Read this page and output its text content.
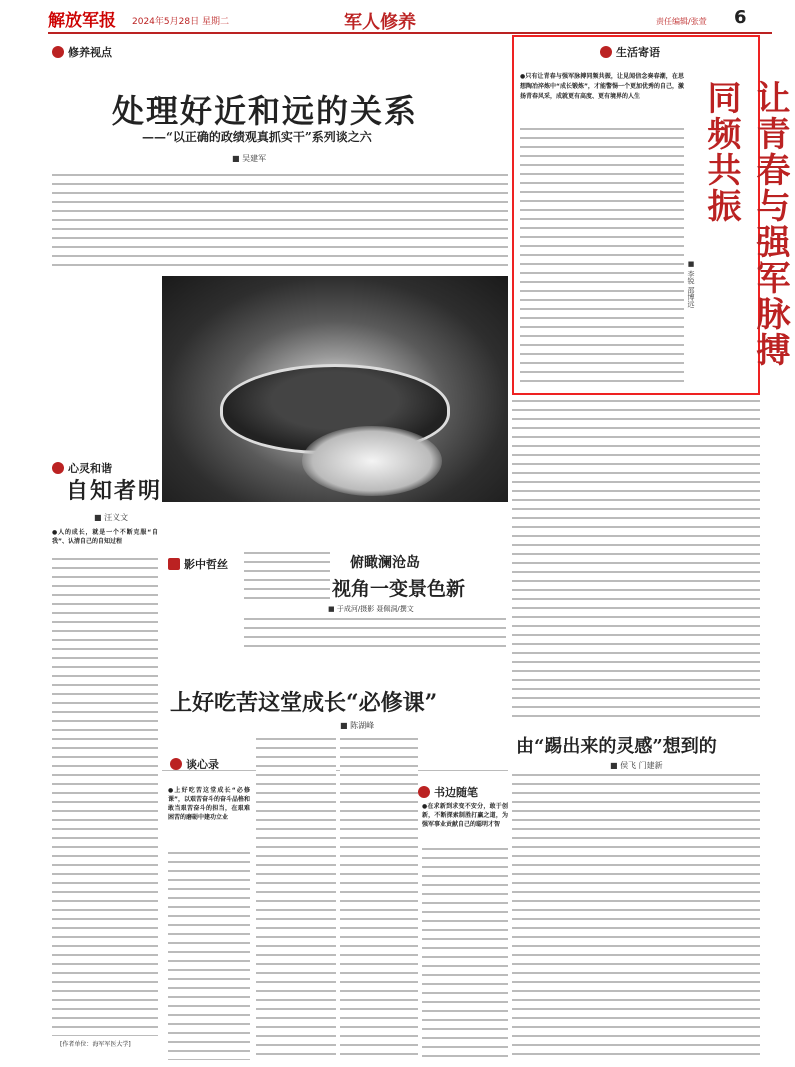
解放军报 2024年5月28日 星期二	军人修养	责任编辑/张萱 6
修养视点
处理好近和远的关系
——“以正确的政绩观真抓实干”系列谈之六
■ 吴建军
心灵和谐
自知者明
■ 汪义文
●人的成长，就是一个不断克服“自我”、认清自己的自知过程
[作者单位：海军军医大学]
生活寄语
●只有让青春与强军脉搏同频共振，让見闻信念奏春潮，在思想陶冶淬炼中“成长锻炼”，才能警惕一个更加优秀的自己，激扬青春风采，成就更有高度、更有境界的人生	让青春与强军脉搏同频共振
■ 李锐 邵博远
影中哲丝	俯瞰澜沧岛
视角一变景色新
■ 于成河/摄影 聂佩洞/撰文
由“踢出来的灵感”想到的
■ 侯飞 门建新
书边随笔
●在求新到求变不安分，敢于创新，不断探索制胜打赢之道，为强军事业贡献自己的聪明才智
上好吃苦这堂成长“必修课”
■ 陈湖峰
谈心录
●上好吃苦这堂成长“必修课”，以艰苦奋斗的奋斗品格和敢当艰苦奋斗的担当，在艰难困苦的磨砺中建功立业
